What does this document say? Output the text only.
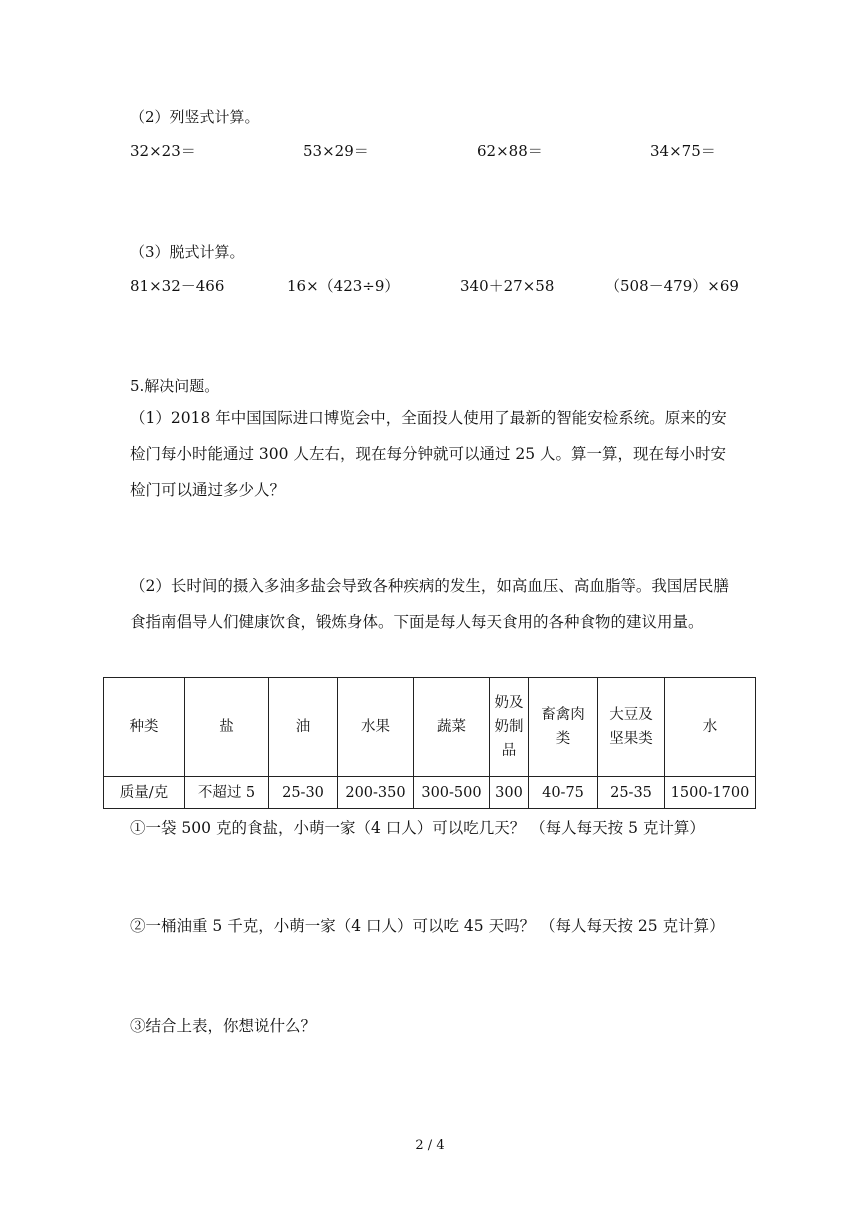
（2）列竖式计算。
32×23＝	53×29＝	62×88＝	34×75＝
（3）脱式计算。
81×32－466	16×（423÷9）	340＋27×58	（508－479）×69
5.解决问题。
（1）2018 年中国国际进口博览会中，全面投人使用了最新的智能安检系统。原来的安检门每小时能通过 300 人左右，现在每分钟就可以通过 25 人。算一算，现在每小时安检门可以通过多少人？
（2）长时间的摄入多油多盐会导致各种疾病的发生，如高血压、高血脂等。我国居民膳食指南倡导人们健康饮食，锻炼身体。下面是每人每天食用的各种食物的建议用量。
种类	盐	油	水果	蔬菜	奶及奶制品	畜禽肉类	大豆及坚果类	水
质量/克	不超过 5	25-30	200-350	300-500	300	40-75	25-35	1500-1700
①一袋 500 克的食盐，小萌一家（4 口人）可以吃几天？ （每人每天按 5 克计算）
②一桶油重 5 千克，小萌一家（4 口人）可以吃 45 天吗？ （每人每天按 25 克计算）
③结合上表，你想说什么？
2 / 4
